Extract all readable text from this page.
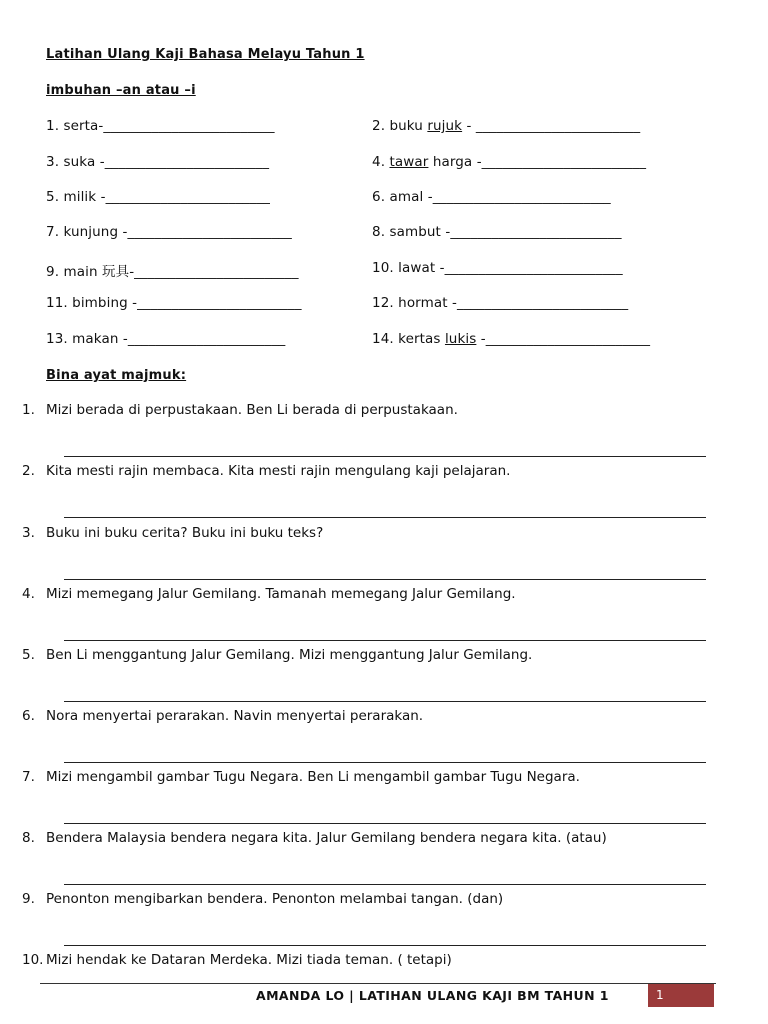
Latihan Ulang Kaji Bahasa Melayu Tahun 1
imbuhan –an atau –i
1. serta-_________________________	2. buku rujuk - ________________________
3. suka -________________________	4. tawar harga -________________________
5. milik -________________________	6. amal -__________________________
7. kunjung -________________________	8. sambut -_________________________
9. main 玩具-________________________	10. lawat -__________________________
11. bimbing -________________________	12. hormat -_________________________
13. makan -_______________________	14. kertas lukis -________________________
Bina ayat majmuk:
1. Mizi berada di perpustakaan. Ben Li berada di perpustakaan.
2. Kita mesti rajin membaca. Kita mesti rajin mengulang kaji pelajaran.
3. Buku ini buku cerita? Buku ini buku teks?
4. Mizi memegang Jalur Gemilang. Tamanah memegang Jalur Gemilang.
5. Ben Li menggantung Jalur Gemilang. Mizi menggantung Jalur Gemilang.
6. Nora menyertai perarakan. Navin menyertai perarakan.
7. Mizi mengambil gambar Tugu Negara. Ben Li mengambil gambar Tugu Negara.
8. Bendera Malaysia bendera negara kita. Jalur Gemilang bendera negara kita. (atau)
9. Penonton mengibarkan bendera. Penonton melambai tangan. (dan)
10. Mizi hendak ke Dataran Merdeka. Mizi tiada teman. ( tetapi)
AMANDA LO | LATIHAN ULANG KAJI BM TAHUN 1	1
